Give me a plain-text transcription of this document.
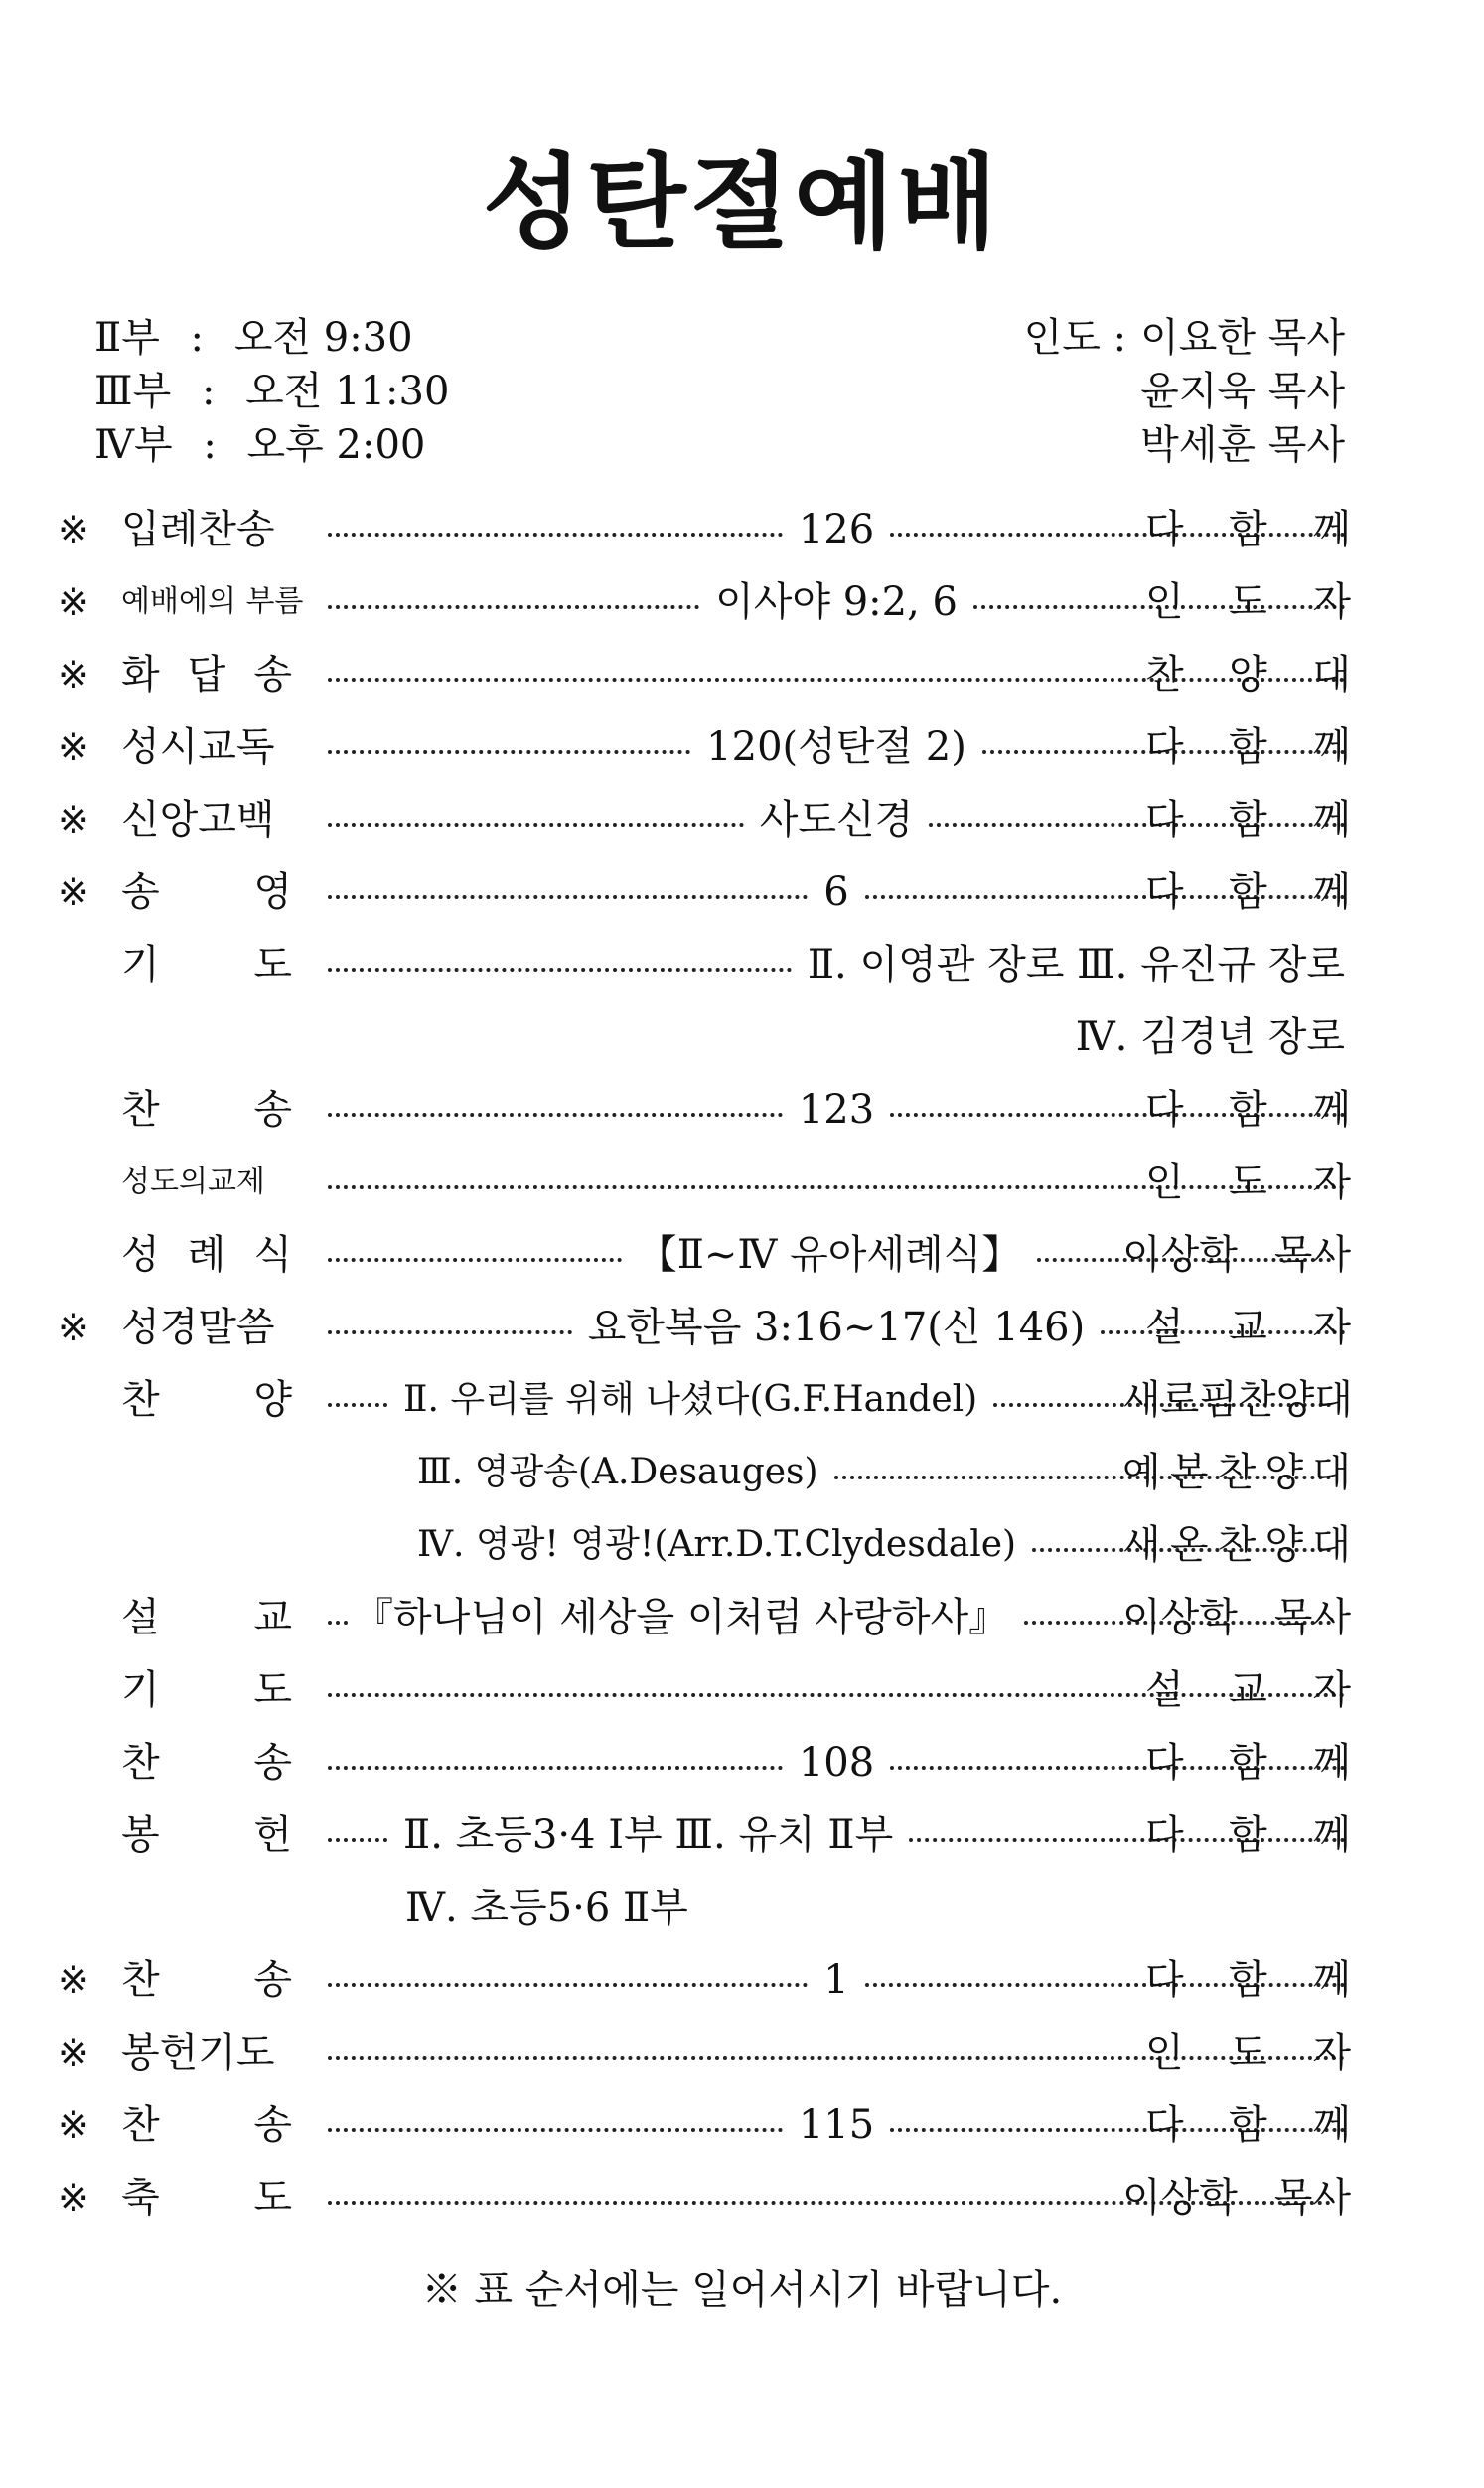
성탄절예배
Ⅱ부 : 오전 9:30
Ⅲ부 : 오전 11:30
Ⅳ부 : 오후 2:00
인도 : 이요한 목사
윤지욱 목사
박세훈 목사
※ 입례찬송	126	다 함 께
※	예배에의 부름	이사야 9:2, 6	인 도 자
※ 화 답 송	찬 양 대
※ 성시교독	120(성탄절 2)	다 함 께
※ 신앙고백	사도신경	다 함 께
※ 송 영	6	다 함 께
기 도	Ⅱ. 이영관 장로 Ⅲ. 유진규 장로
Ⅳ. 김경년 장로
찬 송	123	다 함 께
성도의교제	인 도 자
성 례 식	【Ⅱ~Ⅳ 유아세례식】	이상학 목사
※ 성경말씀	요한복음 3:16~17(신 146)	설 교 자
찬 양	Ⅱ. 우리를 위해 나셨다(G.F.Handel)	새 로 핌 찬 양 대
Ⅲ. 영광송(A.Desauges)	예 본 찬 양 대
Ⅳ. 영광! 영광!(Arr.D.T.Clydesdale)	새 온 찬 양 대
설 교 『하나님이 세상을 이처럼 사랑하사』	이상학 목사
기 도	설 교 자
찬 송	108	다 함 께
봉 헌	Ⅱ. 초등3·4 Ⅰ부 Ⅲ. 유치 Ⅱ부	다 함 께
Ⅳ. 초등5·6 Ⅱ부
※ 찬 송	1	다 함 께
※ 봉헌기도	인 도 자
※ 찬 송	115	다 함 께
※ 축 도	이상학 목사
※ 표 순서에는 일어서시기 바랍니다.
